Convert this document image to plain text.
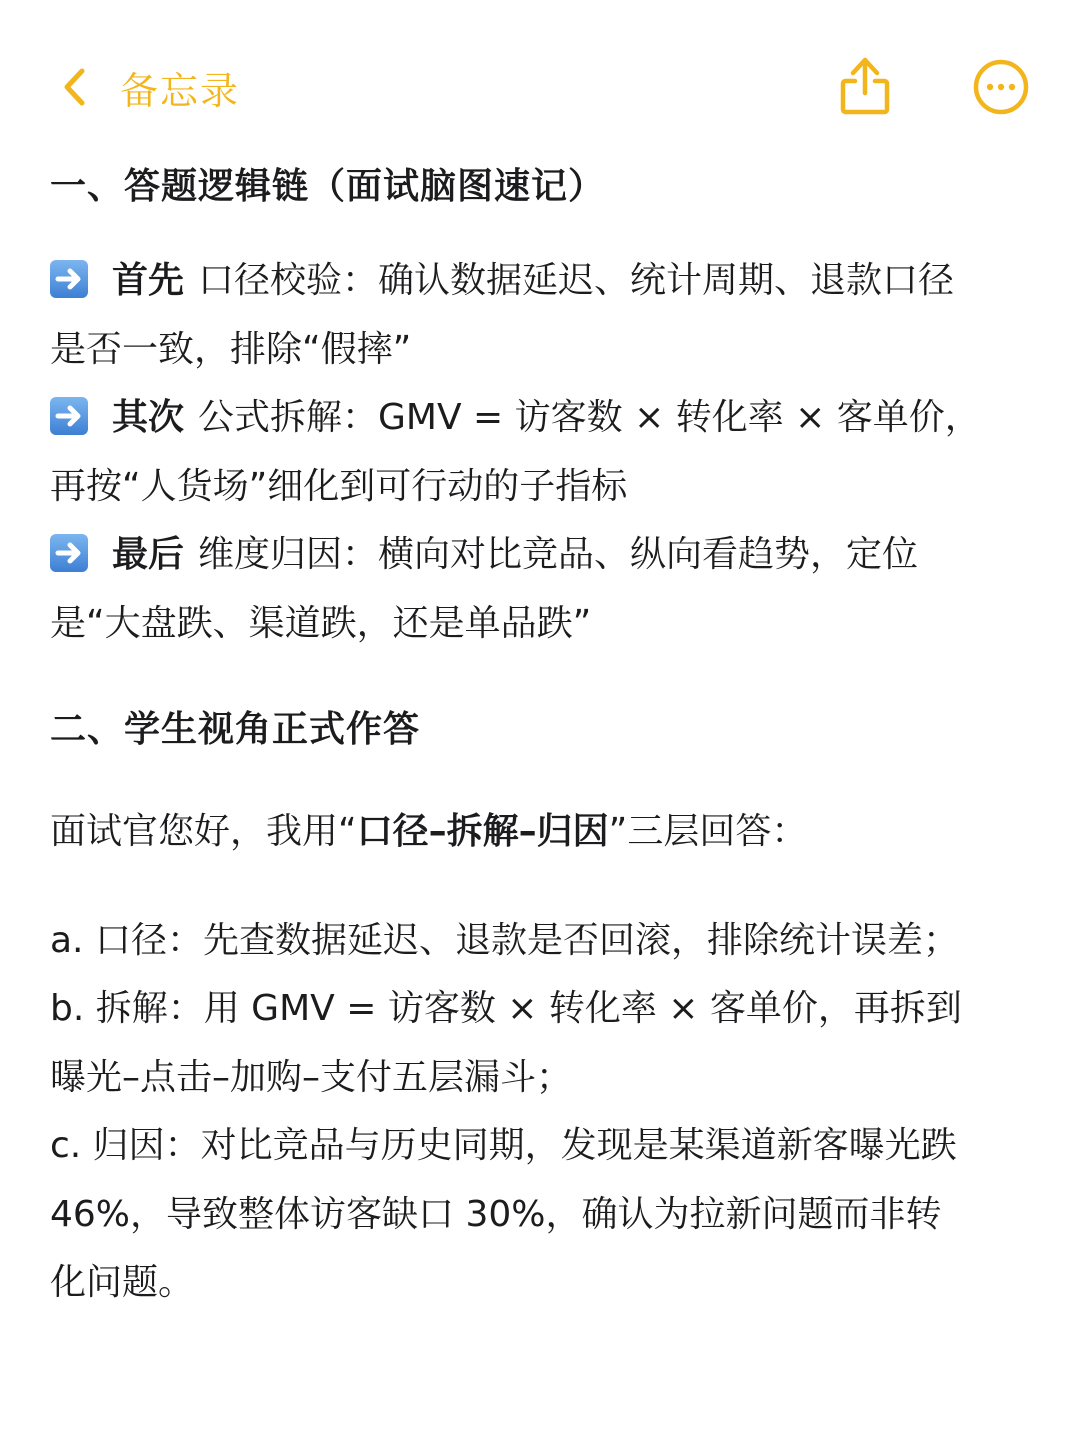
备忘录

一、答题逻辑链（面试脑图速记）

首先 口径校验：确认数据延迟、统计周期、退款口径
是否一致，排除“假摔”

其次 公式拆解：GMV = 访客数 × 转化率 × 客单价，
再按“人货场”细化到可行动的子指标

最后 维度归因：横向对比竞品、纵向看趋势，定位
是“大盘跌、渠道跌，还是单品跌”

二、学生视角正式作答

面试官您好，我用“口径–拆解–归因”三层回答：

a. 口径：先查数据延迟、退款是否回滚，排除统计误差；

b. 拆解：用 GMV = 访客数 × 转化率 × 客单价，再拆到
曝光–点击–加购–支付五层漏斗；

c. 归因：对比竞品与历史同期，发现是某渠道新客曝光跌
46%，导致整体访客缺口 30%，确认为拉新问题而非转
化问题。
